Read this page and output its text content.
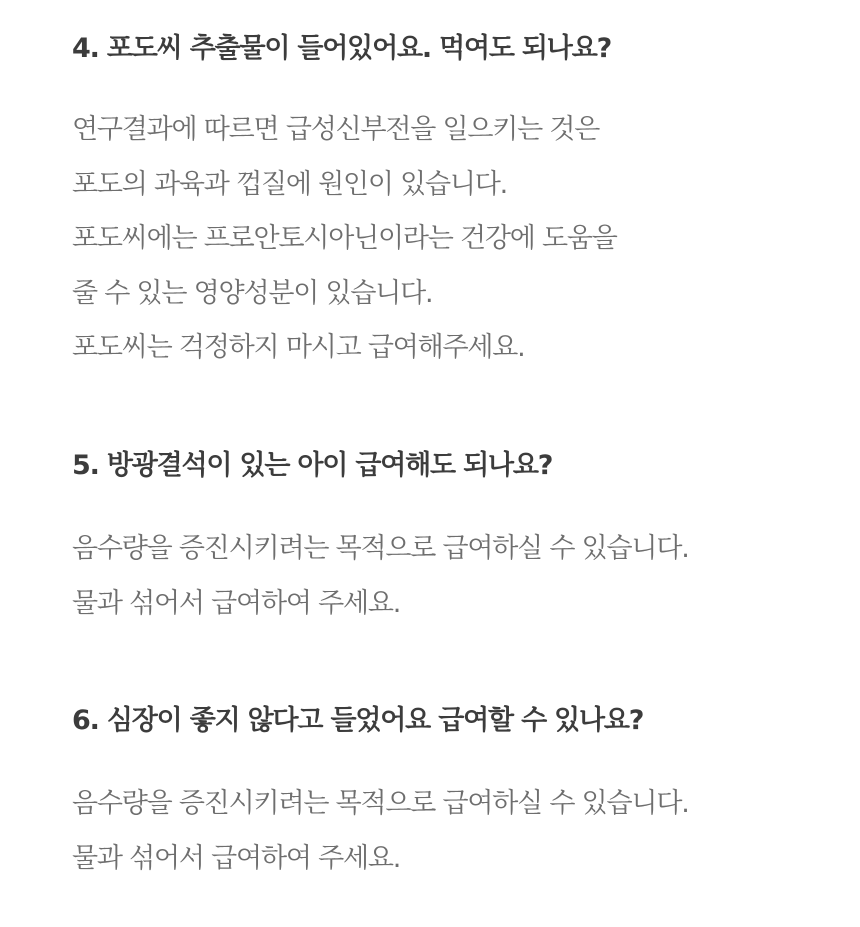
4. 포도씨 추출물이 들어있어요. 먹여도 되나요?
연구결과에 따르면 급성신부전을 일으키는 것은
포도의 과육과 껍질에 원인이 있습니다.
포도씨에는 프로안토시아닌이라는 건강에 도움을
줄 수 있는 영양성분이 있습니다.
포도씨는 걱정하지 마시고 급여해주세요.
5. 방광결석이 있는 아이 급여해도 되나요?
음수량을 증진시키려는 목적으로 급여하실 수 있습니다.
물과 섞어서 급여하여 주세요.
6. 심장이 좋지 않다고 들었어요 급여할 수 있나요?
음수량을 증진시키려는 목적으로 급여하실 수 있습니다.
물과 섞어서 급여하여 주세요.
